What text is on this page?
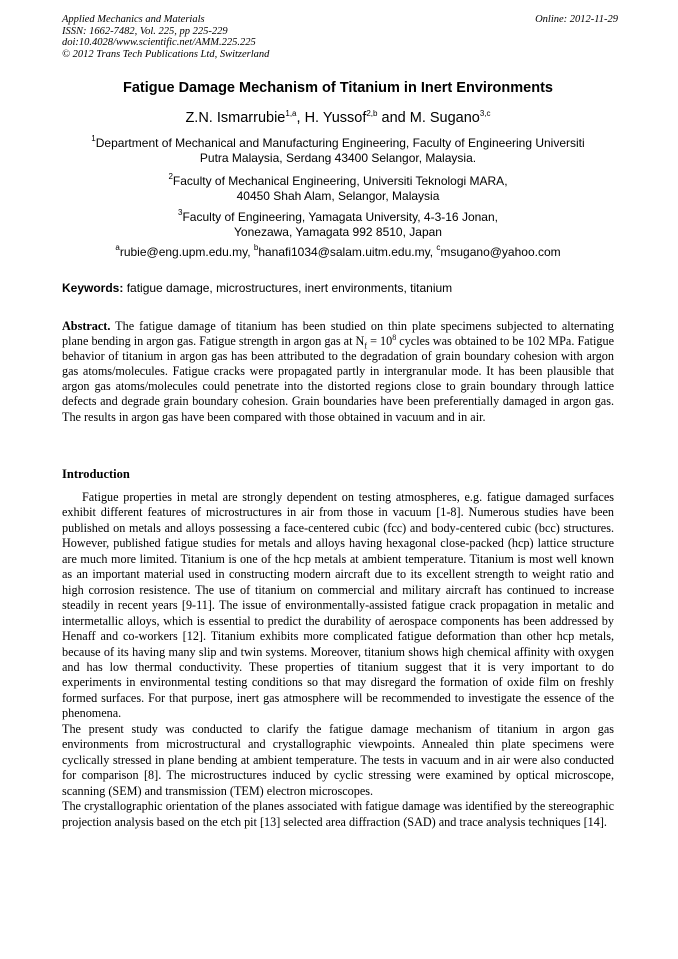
Applied Mechanics and Materials
ISSN: 1662-7482, Vol. 225, pp 225-229
doi:10.4028/www.scientific.net/AMM.225.225
© 2012 Trans Tech Publications Ltd, Switzerland
Online: 2012-11-29
Fatigue Damage Mechanism of Titanium in Inert Environments
Z.N. Ismarrubie$^{1,a}$, H. Yussof$^{2,b}$ and M. Sugano$^{3,c}$
$^1$Department of Mechanical and Manufacturing Engineering, Faculty of Engineering Universiti
Putra Malaysia, Serdang 43400 Selangor, Malaysia.
$^2$Faculty of Mechanical Engineering, Universiti Teknologi MARA,
40450 Shah Alam, Selangor, Malaysia
$^3$Faculty of Engineering, Yamagata University, 4-3-16 Jonan,
Yonezawa, Yamagata 992 8510, Japan
$^a$rubie@eng.upm.edu.my, $^b$hanafi1034@salam.uitm.edu.my, $^c$msugano@yahoo.com
Keywords: fatigue damage, microstructures, inert environments, titanium
Abstract. The fatigue damage of titanium has been studied on thin plate specimens subjected to alternating plane bending in argon gas. Fatigue strength in argon gas at $N_f = 10^8$ cycles was obtained to be 102 MPa. Fatigue behavior of titanium in argon gas has been attributed to the degradation of grain boundary cohesion with argon gas atoms/molecules. Fatigue cracks were propagated partly in intergranular mode. It has been plausible that argon gas atoms/molecules could penetrate into the distorted regions close to grain boundary through lattice defects and degrade grain boundary cohesion. Grain boundaries have been preferentially damaged in argon gas. The results in argon gas have been compared with those obtained in vacuum and in air.
Introduction

Fatigue properties in metal are strongly dependent on testing atmospheres, e.g. fatigue damaged surfaces exhibit different features of microstructures in air from those in vacuum [1-8]. Numerous studies have been published on metals and alloys possessing a face-centered cubic (fcc) and body-centered cubic (bcc) structures. However, published fatigue studies for metals and alloys having hexagonal close-packed (hcp) lattice structure are much more limited. Titanium is one of the hcp metals at ambient temperature. Titanium is most well known as an important material used in constructing modern aircraft due to its excellent strength to weight ratio and high corrosion resistence. The use of titanium on commercial and military aircraft has continued to increase steadily in recent years [9-11]. The issue of environmentally-assisted fatigue crack propagation in metalic and intermetallic alloys, which is essential to predict the durability of aerospace components has been addressed by Henaff and co-workers [12]. Titanium exhibits more complicated fatigue deformation than other hcp metals, because of its having many slip and twin systems. Moreover, titanium shows high chemical affinity with oxygen and has low thermal conductivity. These properties of titanium suggest that it is very important to do experiments in environmental testing conditions so that may disregard the formation of oxide film on freshly formed surfaces. For that purpose, inert gas atmosphere will be recommended to investigate the essence of the phenomena.

The present study was conducted to clarify the fatigue damage mechanism of titanium in argon gas environments from microstructural and crystallographic viewpoints. Annealed thin plate specimens were cyclically stressed in plane bending at ambient temperature. The tests in vacuum and in air were also conducted for comparison [8]. The microstructures induced by cyclic stressing were examined by optical microscope, scanning (SEM) and transmission (TEM) electron microscopes.

The crystallographic orientation of the planes associated with fatigue damage was identified by the stereographic projection analysis based on the etch pit [13] selected area diffraction (SAD) and trace analysis techniques [14].
